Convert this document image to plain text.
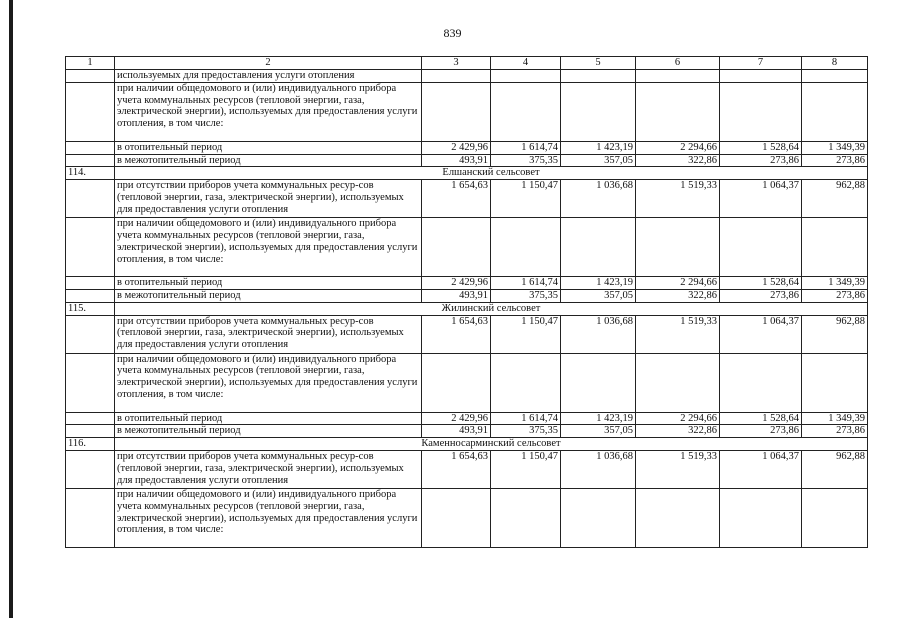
839
1	2	3	4	5	6	7	8
	используемых для предоставления услуги отопления						
	при наличии общедомового и (или) индивидуального прибора учета коммунальных ресурсов (тепловой энергии, газа, электрической энергии), используемых для предоставления услуги отопления, в том числе:						
	в отопительный период	2 429,96	1 614,74	1 423,19	2 294,66	1 528,64	1 349,39
	в межотопительный период	493,91	375,35	357,05	322,86	273,86	273,86
114.	Елшанский сельсовет						
	при отсутствии приборов учета коммунальных ресур-сов (тепловой энергии, газа, электрической энергии), используемых для предоставления услуги отопления	1 654,63	1 150,47	1 036,68	1 519,33	1 064,37	962,88
	при наличии общедомового и (или) индивидуального прибора учета коммунальных ресурсов (тепловой энергии, газа, электрической энергии), используемых для предоставления услуги отопления, в том числе:						
	в отопительный период	2 429,96	1 614,74	1 423,19	2 294,66	1 528,64	1 349,39
	в межотопительный период	493,91	375,35	357,05	322,86	273,86	273,86
115.	Жилинский сельсовет						
	при отсутствии приборов учета коммунальных ресур-сов (тепловой энергии, газа, электрической энергии), используемых для предоставления услуги отопления	1 654,63	1 150,47	1 036,68	1 519,33	1 064,37	962,88
	при наличии общедомового и (или) индивидуального прибора учета коммунальных ресурсов (тепловой энергии, газа, электрической энергии), используемых для предоставления услуги отопления, в том числе:						
	в отопительный период	2 429,96	1 614,74	1 423,19	2 294,66	1 528,64	1 349,39
	в межотопительный период	493,91	375,35	357,05	322,86	273,86	273,86
116.	Каменносарминский сельсовет						
	при отсутствии приборов учета коммунальных ресур-сов (тепловой энергии, газа, электрической энергии), используемых для предоставления услуги отопления	1 654,63	1 150,47	1 036,68	1 519,33	1 064,37	962,88
	при наличии общедомового и (или) индивидуального прибора учета коммунальных ресурсов (тепловой энергии, газа, электрической энергии), используемых для предоставления услуги отопления, в том числе:						
